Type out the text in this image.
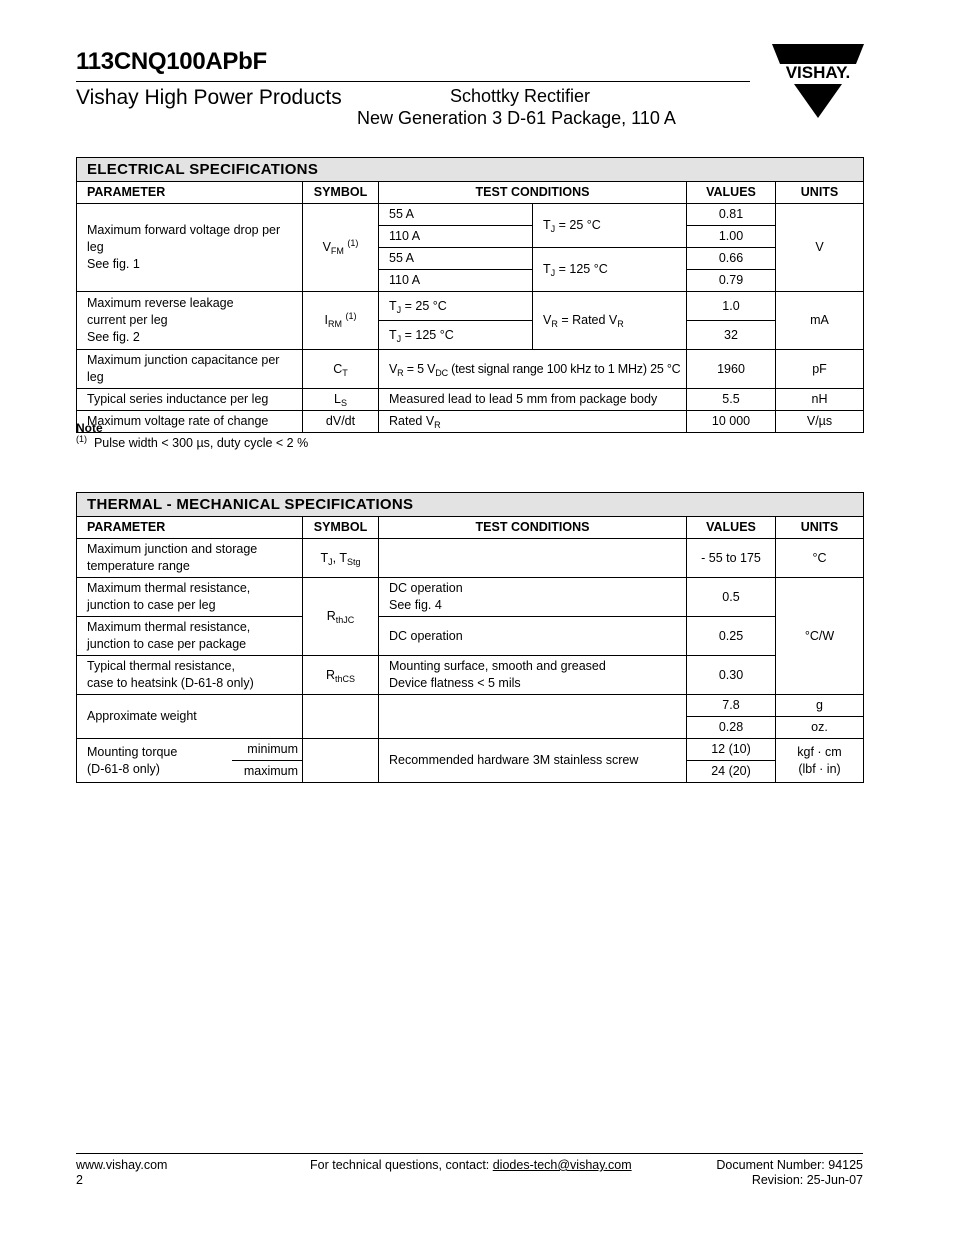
113CNQ100APbF
Vishay High Power Products	Schottky Rectifier
New Generation 3 D-61 Package, 110 A
VISHAY.
ELECTRICAL SPECIFICATIONS					
PARAMETER	SYMBOL	TEST CONDITIONS		VALUES	UNITS
Maximum forward voltage drop per leg
See fig. 1	$V_{FM}$ $^{(1)}$	55 A	$T_J = 25$ °C	0.81	V
		110 A		1.00	
		55 A	$T_J = 125$ °C	0.66	
		110 A		0.79	
Maximum reverse leakage
current per leg
See fig. 2	$I_{RM}$ $^{(1)}$	$T_J = 25$ °C	$V_R$ = Rated $V_R$	1.0	mA
		$T_J = 125$ °C		32	
Maximum junction capacitance per leg	$C_T$	$V_R = 5$ $V_{DC}$ (test signal range 100 kHz to 1 MHz) 25 °C		1960	pF
Typical series inductance per leg	$L_S$	Measured lead to lead 5 mm from package body		5.5	nH
Maximum voltage rate of change	dV/dt	Rated $V_R$		10 000	V/µs
Note
$^{(1)}$ Pulse width < 300 µs, duty cycle < 2 %
THERMAL - MECHANICAL SPECIFICATIONS					
PARAMETER		SYMBOL	TEST CONDITIONS	VALUES	UNITS
Maximum junction and storage
temperature range		$T_J$, $T_{Stg}$		- 55 to 175	°C
Maximum thermal resistance,
junction to case per leg		$R_{thJC}$	DC operation
See fig. 4	0.5	°C/W
Maximum thermal resistance,
junction to case per package			DC operation	0.25	
Typical thermal resistance,
case to heatsink (D-61-8 only)		$R_{thCS}$	Mounting surface, smooth and greased
Device flatness < 5 mils	0.30	
Approximate weight				7.8	g
				0.28	oz.
Mounting torque
(D-61-8 only)	minimum		Recommended hardware 3M stainless screw	12 (10)	kgf · cm
(lbf · in)
	maximum			24 (20)	
www.vishay.com
2
For technical questions, contact: diodes-tech@vishay.com	Document Number: 94125
Revision: 25-Jun-07
